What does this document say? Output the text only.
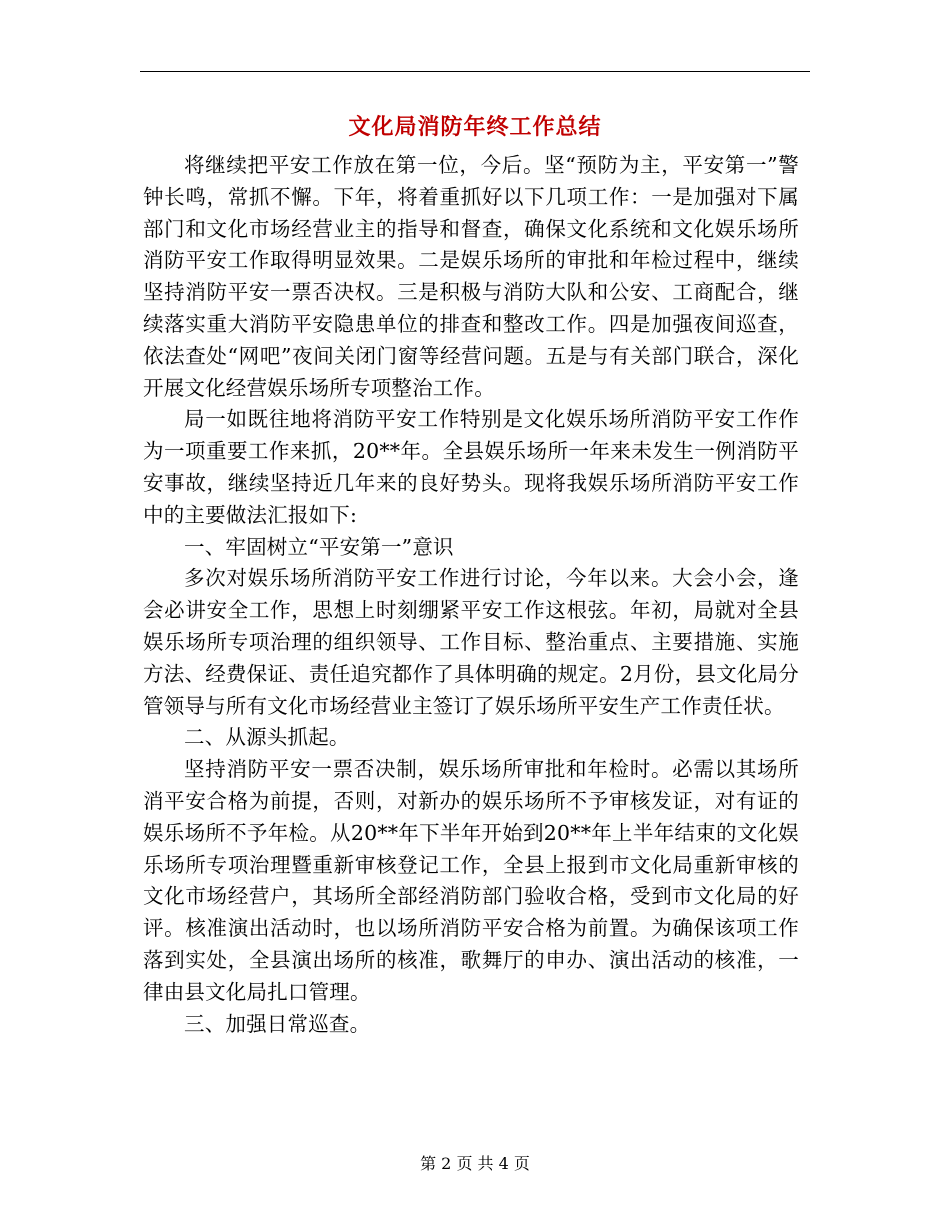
文化局消防年终工作总结

将继续把平安工作放在第一位，今后。坚“预防为主，平安第一”警钟长鸣，常抓不懈。下年，将着重抓好以下几项工作：一是加强对下属部门和文化市场经营业主的指导和督查，确保文化系统和文化娱乐场所消防平安工作取得明显效果。二是娱乐场所的审批和年检过程中，继续坚持消防平安一票否决权。三是积极与消防大队和公安、工商配合，继续落实重大消防平安隐患单位的排查和整改工作。四是加强夜间巡查，依法查处“网吧”夜间关闭门窗等经营问题。五是与有关部门联合，深化开展文化经营娱乐场所专项整治工作。

局一如既往地将消防平安工作特别是文化娱乐场所消防平安工作作为一项重要工作来抓，20**年。全县娱乐场所一年来未发生一例消防平安事故，继续坚持近几年来的良好势头。现将我娱乐场所消防平安工作中的主要做法汇报如下:

一、牢固树立“平安第一”意识

多次对娱乐场所消防平安工作进行讨论，今年以来。大会小会，逢会必讲安全工作，思想上时刻绷紧平安工作这根弦。年初，局就对全县娱乐场所专项治理的组织领导、工作目标、整治重点、主要措施、实施方法、经费保证、责任追究都作了具体明确的规定。2月份，县文化局分管领导与所有文化市场经营业主签订了娱乐场所平安生产工作责任状。

二、从源头抓起。

坚持消防平安一票否决制，娱乐场所审批和年检时。必需以其场所消平安合格为前提，否则，对新办的娱乐场所不予审核发证，对有证的娱乐场所不予年检。从20**年下半年开始到20**年上半年结束的文化娱乐场所专项治理暨重新审核登记工作，全县上报到市文化局重新审核的文化市场经营户，其场所全部经消防部门验收合格，受到市文化局的好评。核准演出活动时，也以场所消防平安合格为前置。为确保该项工作落到实处，全县演出场所的核准，歌舞厅的申办、演出活动的核准，一律由县文化局扎口管理。

三、加强日常巡查。

第 2 页 共 4 页
